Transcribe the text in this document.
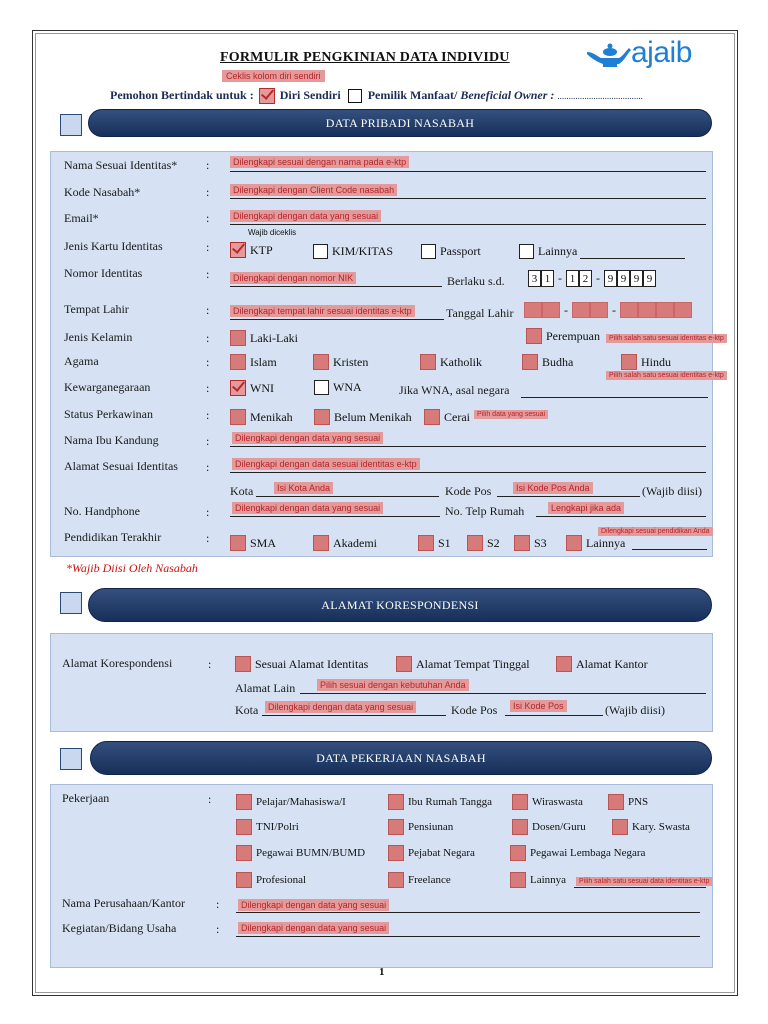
FORMULIR PENGKINIAN DATA INDIVIDU	ajaib
Ceklis kolom diri sendiri
Pemohon Bertindak untuk : Diri Sendiri Pemilik Manfaat/ Beneficial Owner : ......................................
DATA PRIBADI NASABAH
Nama Sesuai Identitas* :	Dilengkapi sesuai dengan nama pada e-ktp
Kode Nasabah*	:	Dilengkapi dengan Client Code nasabah
Email*	:	Dilengkapi dengan data yang sesuai
Jenis Kartu Identitas	:
Wajib diceklis
KTP	KIM/KITAS	Passport	Lainnya
Nomor Identitas	:	Dilengkapi dengan nomor NIK	Berlaku s.d.	3 1 - 1 2 - 9 9 9 9
Tempat Lahir	:	Dilengkapi tempat lahir sesuai identitas e-ktp	Tanggal Lahir	-	-
Jenis Kelamin	:	Laki-Laki	Perempuan	Pilih salah satu sesuai identitas e-ktp
Agama	:	Islam	Kristen	Katholik	Budha	Hindu
Pilih salah satu sesuai identitas e-ktp
Kewarganegaraan	:	WNI	WNA	Jika WNA, asal negara
Status Perkawinan	:	Menikah	Belum Menikah	Cerai	Pilih data yang sesuai
Nama Ibu Kandung	:	Dilengkapi dengan data yang sesuai
Alamat Sesuai Identitas :	Dilengkapi dengan data sesuai identitas e-ktp
Kota	Isi Kota Anda	Kode Pos	Isi Kode Pos Anda	(Wajib diisi)
No. Handphone	:	Dilengkapi dengan data yang sesuai	No. Telp Rumah	Lengkapi jika ada
Pendidikan Terakhir	:	Dilengkapi sesuai pendidikan Anda
SMA	Akademi	S1	S2	S3	Lainnya
*Wajib Diisi Oleh Nasabah
ALAMAT KORESPONDENSI
Alamat Korespondensi	:	Sesuai Alamat Identitas	Alamat Tempat Tinggal	Alamat Kantor
Alamat Lain	Pilih sesuai dengan kebutuhan Anda
Kota	Dilengkapi dengan data yang sesuai	Kode Pos	Isi Kode Pos	(Wajib diisi)
DATA PEKERJAAN NASABAH
Pekerjaan	:	Pelajar/Mahasiswa/I	Ibu Rumah Tangga	Wiraswasta	PNS
TNI/Polri	Pensiunan	Dosen/Guru	Kary. Swasta
Pegawai BUMN/BUMD	Pejabat Negara	Pegawai Lembaga Negara
Profesional	Freelance	Lainnya	Pilih salah satu sesuai data identitas e-ktp
Nama Perusahaan/Kantor	:	Dilengkapi dengan data yang sesuai
Kegiatan/Bidang Usaha	:	Dilengkapi dengan data yang sesuai
1
